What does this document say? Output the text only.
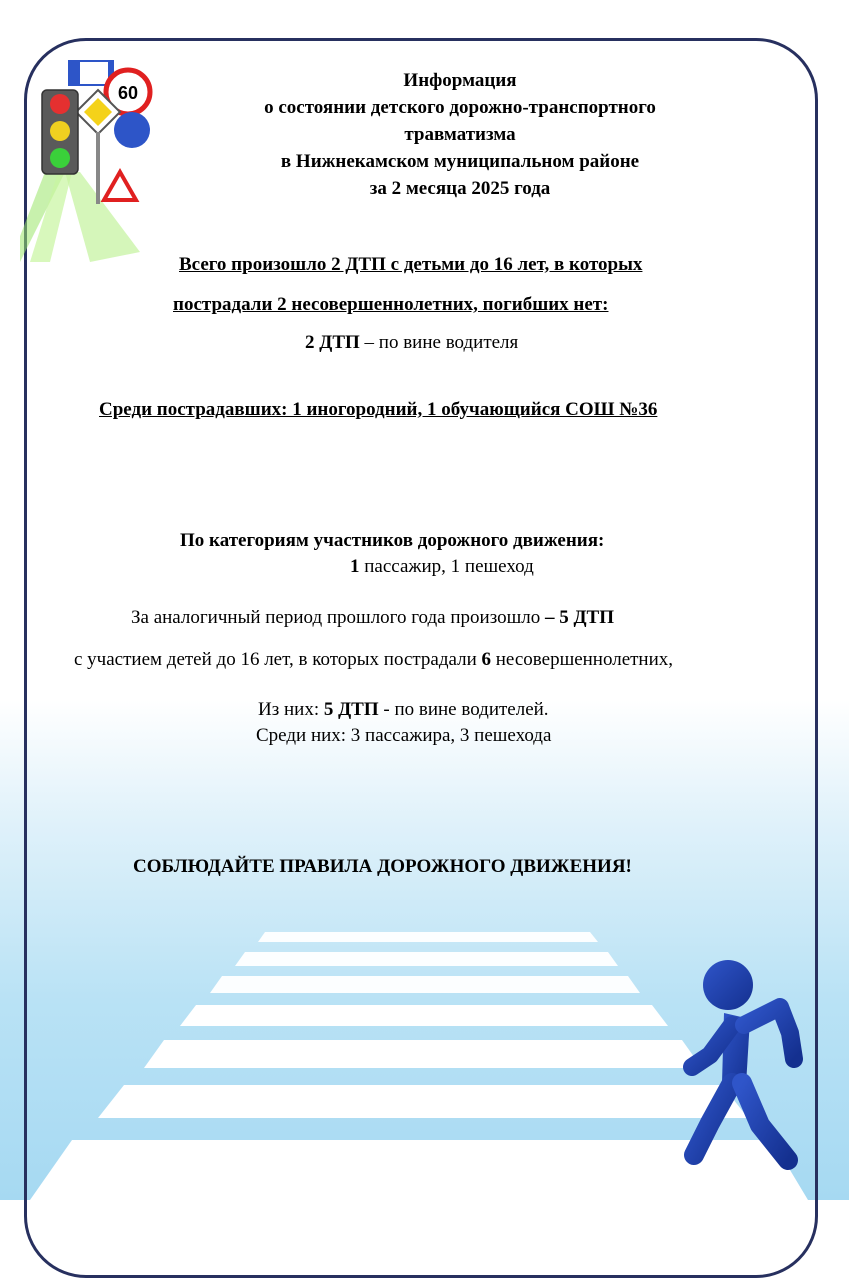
60
Информация
о состоянии детского дорожно-транспортного
травматизма
в Нижнекамском муниципальном районе
за 2 месяца 2025 года
Всего произошло 2 ДТП с детьми до 16 лет, в которых
пострадали 2 несовершеннолетних, погибших нет:
2 ДТП – по вине водителя
Среди пострадавших: 1 иногородний, 1 обучающийся СОШ №36
По категориям участников дорожного движения:
1 пассажир, 1 пешеход
За аналогичный период прошлого года произошло – 5 ДТП
с участием детей до 16 лет, в которых пострадали 6 несовершеннолетних,
Из них: 5 ДТП - по вине водителей.
Среди них: 3 пассажира, 3 пешехода
СОБЛЮДАЙТЕ ПРАВИЛА ДОРОЖНОГО ДВИЖЕНИЯ!
